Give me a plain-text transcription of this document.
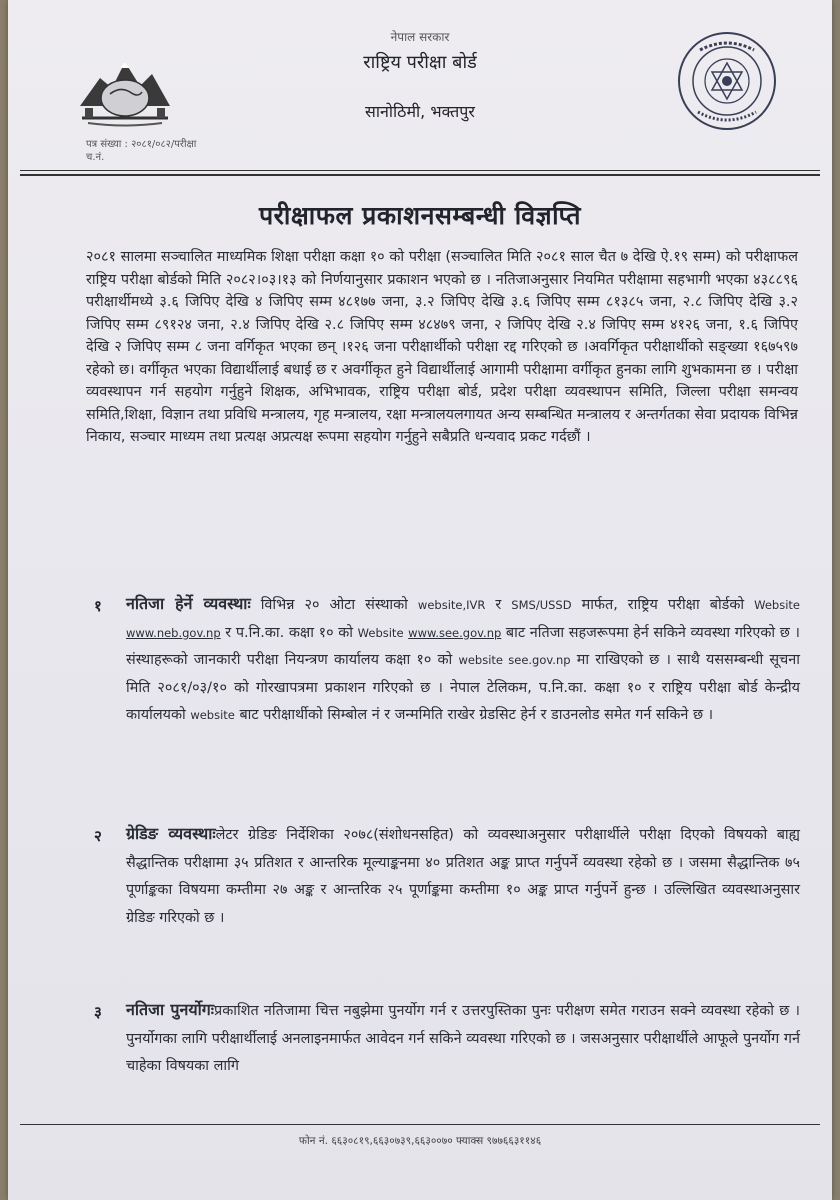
नेपाल सरकार
राष्ट्रिय परीक्षा बोर्ड
सानोठिमी, भक्तपुर
पत्र संख्या : २०८१/०८२/परीक्षा
च.नं.
परीक्षाफल प्रकाशनसम्बन्धी विज्ञप्ति
२०८१ सालमा सञ्चालित माध्यमिक शिक्षा परीक्षा कक्षा १० को परीक्षा (सञ्चालित मिति २०८१ साल चैत ७ देखि ऐ.१९ सम्म) को परीक्षाफल राष्ट्रिय परीक्षा बोर्डको मिति २०८२।०३।१३ को निर्णयानुसार प्रकाशन भएको छ । नतिजाअनुसार नियमित परीक्षामा सहभागी भएका ४३८८९६ परीक्षार्थीमध्ये ३.६ जिपिए देखि ४ जिपिए सम्म ४८१७७ जना, ३.२ जिपिए देखि ३.६ जिपिए सम्म ८१३८५ जना, २.८ जिपिए देखि ३.२ जिपिए सम्म ८९१२४ जना, २.४ जिपिए देखि २.८ जिपिए सम्म ४८४७९ जना, २ जिपिए देखि २.४ जिपिए सम्म ४१२६ जना, १.६ जिपिए देखि २ जिपिए सम्म ८ जना वर्गिकृत भएका छन् ।१२६ जना परीक्षार्थीको परीक्षा रद्द गरिएको छ ।अवर्गिकृत परीक्षार्थीको सङ्ख्या १६७५९७ रहेको छ। वर्गीकृत भएका विद्यार्थीलाई बधाई छ र अवर्गीकृत हुने विद्यार्थीलाई आगामी परीक्षामा वर्गीकृत हुनका लागि शुभकामना छ । परीक्षा व्यवस्थापन गर्न सहयोग गर्नुहुने शिक्षक, अभिभावक, राष्ट्रिय परीक्षा बोर्ड, प्रदेश परीक्षा व्यवस्थापन समिति, जिल्ला परीक्षा समन्वय समिति,शिक्षा, विज्ञान तथा प्रविधि मन्त्रालय, गृह मन्त्रालय, रक्षा मन्त्रालयलगायत अन्य सम्बन्धित मन्त्रालय र अन्तर्गतका सेवा प्रदायक विभिन्न निकाय, सञ्चार माध्यम तथा प्रत्यक्ष अप्रत्यक्ष रूपमा सहयोग गर्नुहुने सबैप्रति धन्यवाद प्रकट गर्दछौं ।
१ नतिजा हेर्ने व्यवस्थाः विभिन्न २० ओटा संस्थाको website,IVR र SMS/USSD मार्फत, राष्ट्रिय परीक्षा बोर्डको Website www.neb.gov.np र प.नि.का. कक्षा १० को Website www.see.gov.np बाट नतिजा सहजरूपमा हेर्न सकिने व्यवस्था गरिएको छ । संस्थाहरूको जानकारी परीक्षा नियन्त्रण कार्यालय कक्षा १० को website see.gov.np मा राखिएको छ । साथै यससम्बन्धी सूचना मिति २०८१/०३/१० को गोरखापत्रमा प्रकाशन गरिएको छ । नेपाल टेलिकम, प.नि.का. कक्षा १० र राष्ट्रिय परीक्षा बोर्ड केन्द्रीय कार्यालयको website बाट परीक्षार्थीको सिम्बोल नं र जन्ममिति राखेर ग्रेडसिट हेर्न र डाउनलोड समेत गर्न सकिने छ ।
२ ग्रेडिङ व्यवस्थाःलेटर ग्रेडिङ निर्देशिका २०७८(संशोधनसहित) को व्यवस्थाअनुसार परीक्षार्थीले परीक्षा दिएको विषयको बाह्य सैद्धान्तिक परीक्षामा ३५ प्रतिशत र आन्तरिक मूल्याङ्कनमा ४० प्रतिशत अङ्क प्राप्त गर्नुपर्ने व्यवस्था रहेको छ । जसमा सैद्धान्तिक ७५ पूर्णाङ्कका विषयमा कम्तीमा २७ अङ्क र आन्तरिक २५ पूर्णाङ्कमा कम्तीमा १० अङ्क प्राप्त गर्नुपर्ने हुन्छ । उल्लिखित व्यवस्थाअनुसार ग्रेडिङ गरिएको छ ।
३ नतिजा पुनर्योगःप्रकाशित नतिजामा चित्त नबुझेमा पुनर्योग गर्न र उत्तरपुस्तिका पुनः परीक्षण समेत गराउन सक्ने व्यवस्था रहेको छ । पुनर्योगका लागि परीक्षार्थीलाई अनलाइनमार्फत आवेदन गर्न सकिने व्यवस्था गरिएको छ । जसअनुसार परीक्षार्थीले आफूले पुनर्योग गर्न चाहेका विषयका लागि
फोन नं. ६६३०८१९,६६३०७३९,६६३००७० फ्याक्स ९७७६६३११४६
